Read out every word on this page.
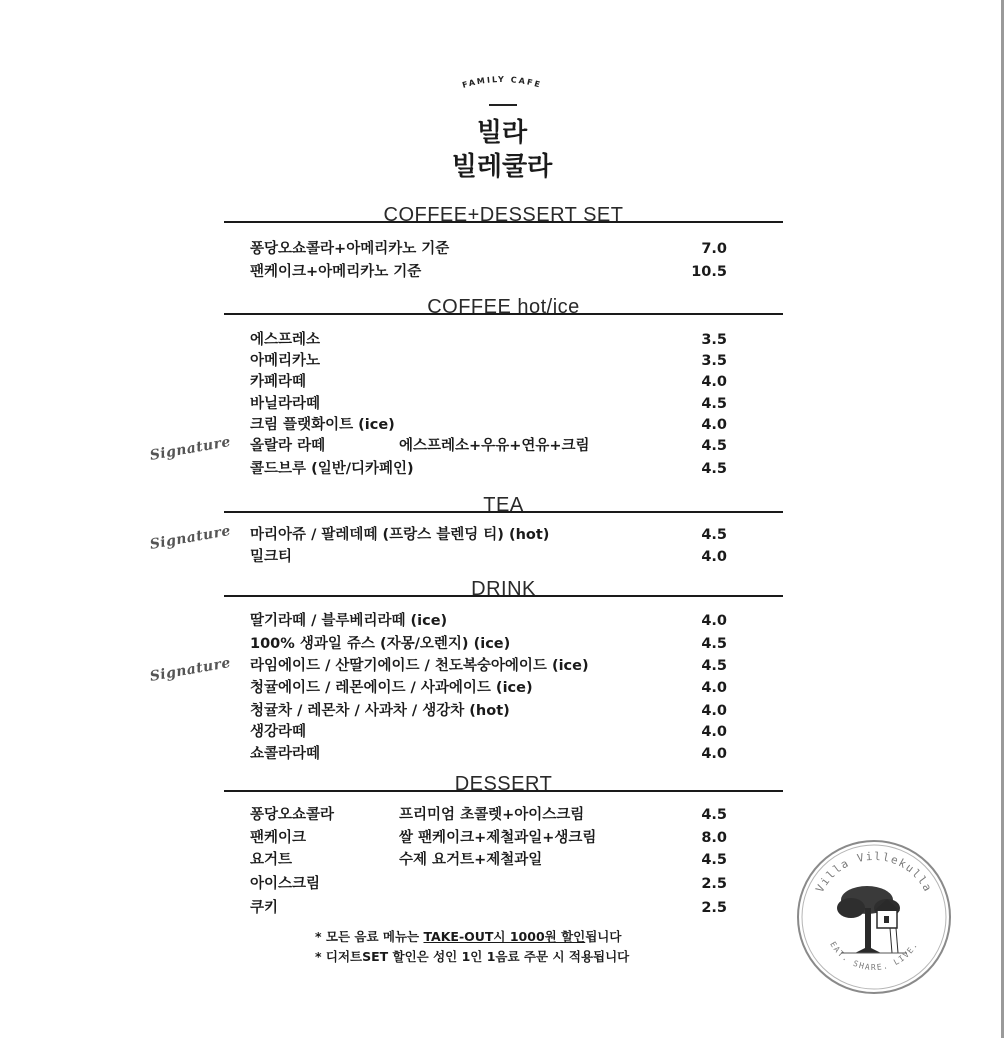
FAMILY CAFE
빌라
빌레쿨라
COFFEE+DESSERT SET
퐁당오쇼콜라+아메리카노 기준	7.0
팬케이크+아메리카노 기준	10.5
COFFEE hot/ice
에스프레소	3.5
아메리카노	3.5
카페라떼	4.0
바닐라라떼	4.5
크림 플랫화이트 (ice)	4.0
Signature 올랄라 라떼	에스프레소+우유+연유+크림	4.5
콜드브루 (일반/디카페인)	4.5
TEA
Signature 마리아쥬 / 팔레데떼 (프랑스 블렌딩 티) (hot)	4.5
밀크티	4.0
DRINK
딸기라떼 / 블루베리라떼 (ice)	4.0
100% 생과일 쥬스 (자몽/오렌지) (ice)	4.5
Signature 라임에이드 / 산딸기에이드 / 천도복숭아에이드 (ice)	4.5
청귤에이드 / 레몬에이드 / 사과에이드 (ice)	4.0
청귤차 / 레몬차 / 사과차 / 생강차 (hot)	4.0
생강라떼	4.0
쇼콜라라떼	4.0
DESSERT
퐁당오쇼콜라	프리미엄 초콜렛+아이스크림	4.5
팬케이크	쌀 팬케이크+제철과일+생크림	8.0
요거트	수제 요거트+제철과일	4.5
아이스크림	2.5
쿠키	2.5
* 모든 음료 메뉴는 TAKE-OUT시 1000원 할인됩니다
* 디저트SET 할인은 성인 1인 1음료 주문 시 적용됩니다
Villa Villekulla
EAT. SHARE. LIVE.
